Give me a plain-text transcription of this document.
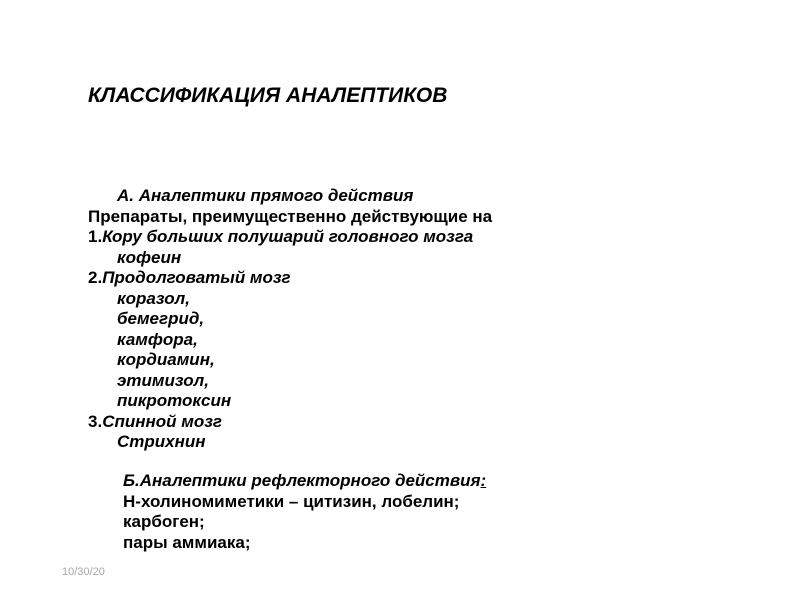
КЛАССИФИКАЦИЯ АНАЛЕПТИКОВ
А. Аналептики прямого действия
Препараты, преимущественно действующие на
1.Кору больших полушарий головного мозга
кофеин
2.Продолговатый мозг
коразол,
бемегрид,
камфора,
кордиамин,
этимизол,
пикротоксин
3.Спинной мозг
Стрихнин
Б.Аналептики рефлекторного действия:
Н-холиномиметики – цитизин, лобелин;
карбоген;
пары аммиака;
10/30/20
